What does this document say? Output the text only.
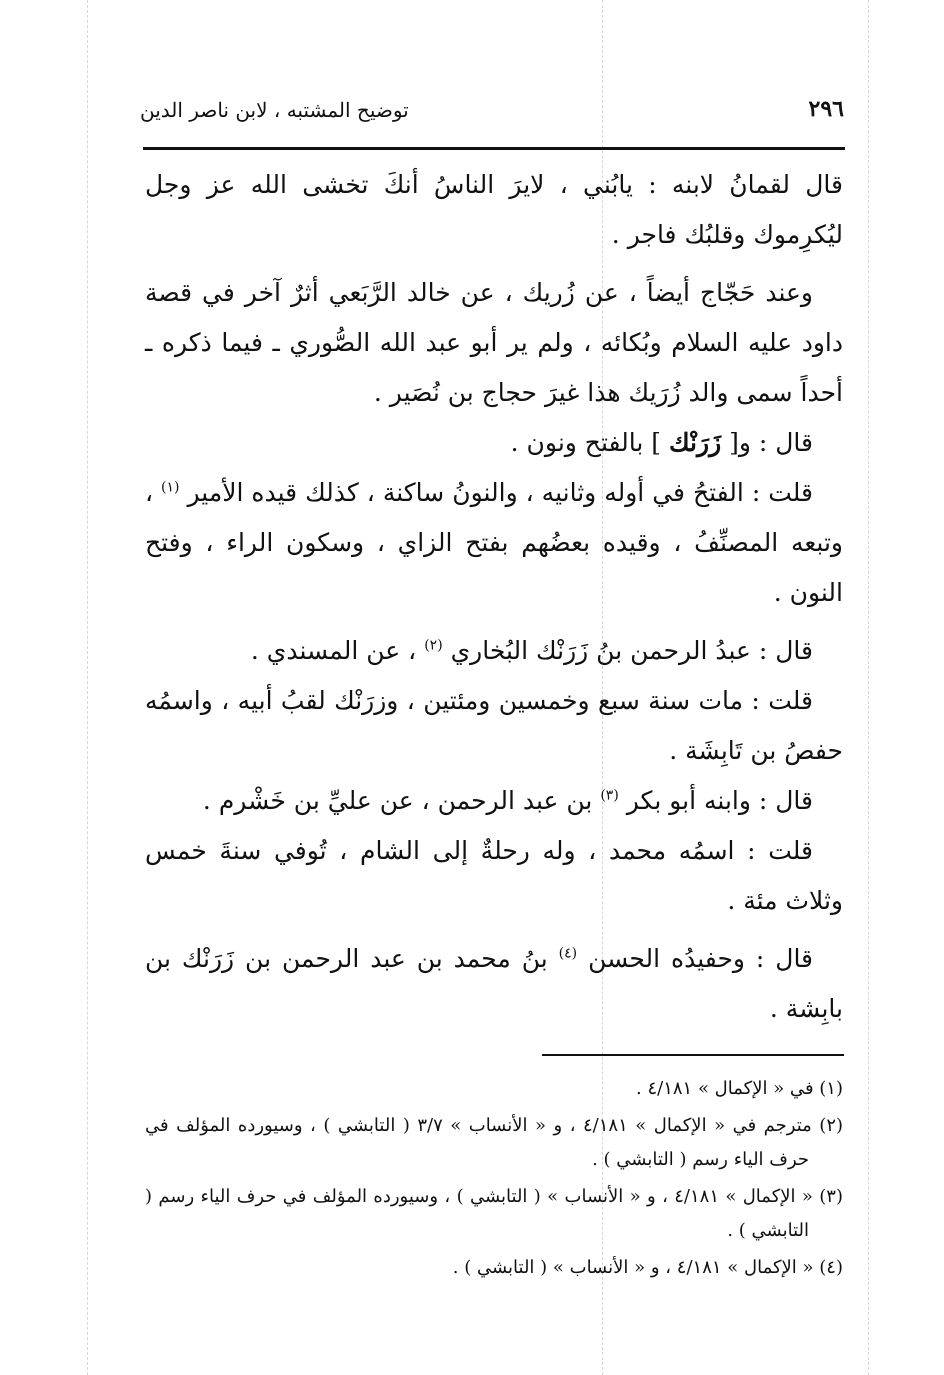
٢٩٦
توضيح المشتبه ، لابن ناصر الدين

قال لقمانُ لابنه : يابُني ، لايرَ الناسُ أنكَ تخشى الله عز وجل ليُكرِموك وقلبُك فاجر .

وعند حَجّاج أيضاً ، عن زُريك ، عن خالد الرَّبَعي أثرٌ آخر في قصة داود عليه السلام وبُكائه ، ولم ير أبو عبد الله الصُّوري ـ فيما ذكره ـ أحداً سمى والد زُرَيك هذا غيرَ حجاج بن نُصَير .

قال : و[ زَرَنْك ] بالفتح ونون .

قلت : الفتحُ في أوله وثانيه ، والنونُ ساكنة ، كذلك قيده الأمير $^{(١)}$ ، وتبعه المصنِّفُ ، وقيده بعضُهم بفتح الزاي ، وسكون الراء ، وفتح النون .

قال : عبدُ الرحمن بنُ زَرَنْك البُخاري $^{(٢)}$ ، عن المسندي .

قلت : مات سنة سبع وخمسين ومئتين ، وزرَنْك لقبُ أبيه ، واسمُه حفصُ بن تَابِشَة .

قال : وابنه أبو بكر $^{(٣)}$ بن عبد الرحمن ، عن عليِّ بن خَشْرم .

قلت : اسمُه محمد ، وله رحلةٌ إلى الشام ، تُوفي سنةَ خمس وثلاث مئة .

قال : وحفيدُه الحسن $^{(٤)}$ بنُ محمد بن عبد الرحمن بن زَرَنْك بن بابِشة .

(١) في « الإكمال » ٤/١٨١ .

(٢) مترجم في « الإكمال » ٤/١٨١ ، و « الأنساب » ٣/٧ ( التابشي ) ، وسيورده المؤلف في حرف الياء رسم ( التابشي ) .

(٣) « الإكمال » ٤/١٨١ ، و « الأنساب » ( التابشي ) ، وسيورده المؤلف في حرف الياء رسم ( التابشي ) .

(٤) « الإكمال » ٤/١٨١ ، و « الأنساب » ( التابشي ) .
